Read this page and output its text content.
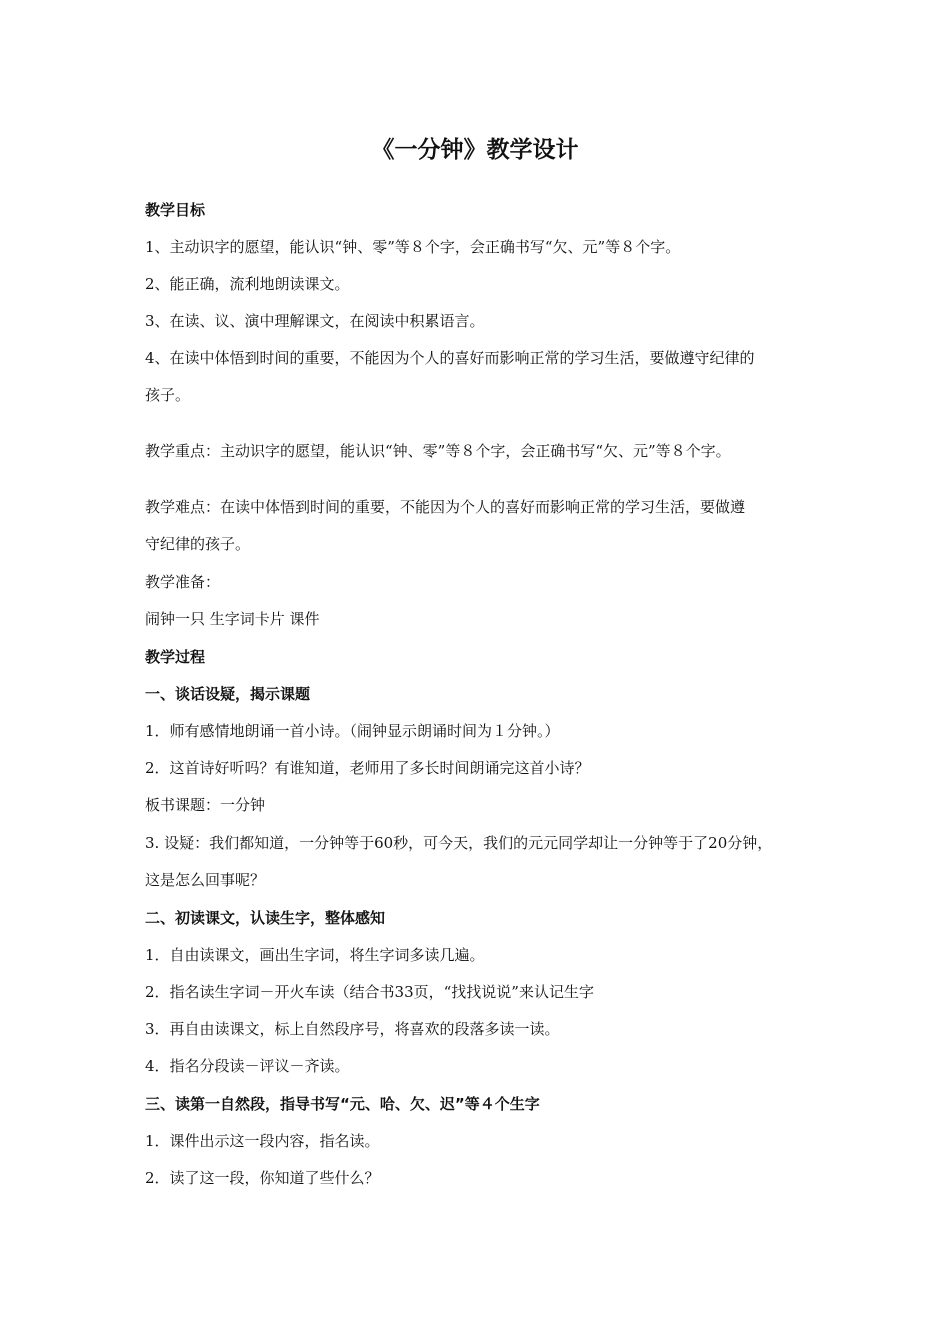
《一分钟》教学设计

教学目标

1、主动识字的愿望，能认识“钟、零”等８个字，会正确书写“欠、元”等８个字。

2、能正确，流利地朗读课文。

3、在读、议、演中理解课文，在阅读中积累语言。

4、在读中体悟到时间的重要，不能因为个人的喜好而影响正常的学习生活，要做遵守纪律的

孩子。

教学重点：主动识字的愿望，能认识“钟、零”等８个字，会正确书写“欠、元”等８个字。

教学难点：在读中体悟到时间的重要，不能因为个人的喜好而影响正常的学习生活，要做遵

守纪律的孩子。

教学准备：

闹钟一只 生字词卡片 课件

教学过程

一、谈话设疑，揭示课题

1．师有感情地朗诵一首小诗。（闹钟显示朗诵时间为１分钟。）

2．这首诗好听吗？有谁知道，老师用了多长时间朗诵完这首小诗？

板书课题：一分钟

3. 设疑：我们都知道，一分钟等于60秒，可今天，我们的元元同学却让一分钟等于了20分钟，

这是怎么回事呢？

二、初读课文，认读生字，整体感知

1．自由读课文，画出生字词，将生字词多读几遍。

2．指名读生字词－开火车读（结合书33页，“找找说说”来认记生字

3．再自由读课文，标上自然段序号，将喜欢的段落多读一读。

4．指名分段读－评议－齐读。

三、读第一自然段，指导书写“元、哈、欠、迟”等４个生字

1．课件出示这一段内容，指名读。

2．读了这一段，你知道了些什么？
